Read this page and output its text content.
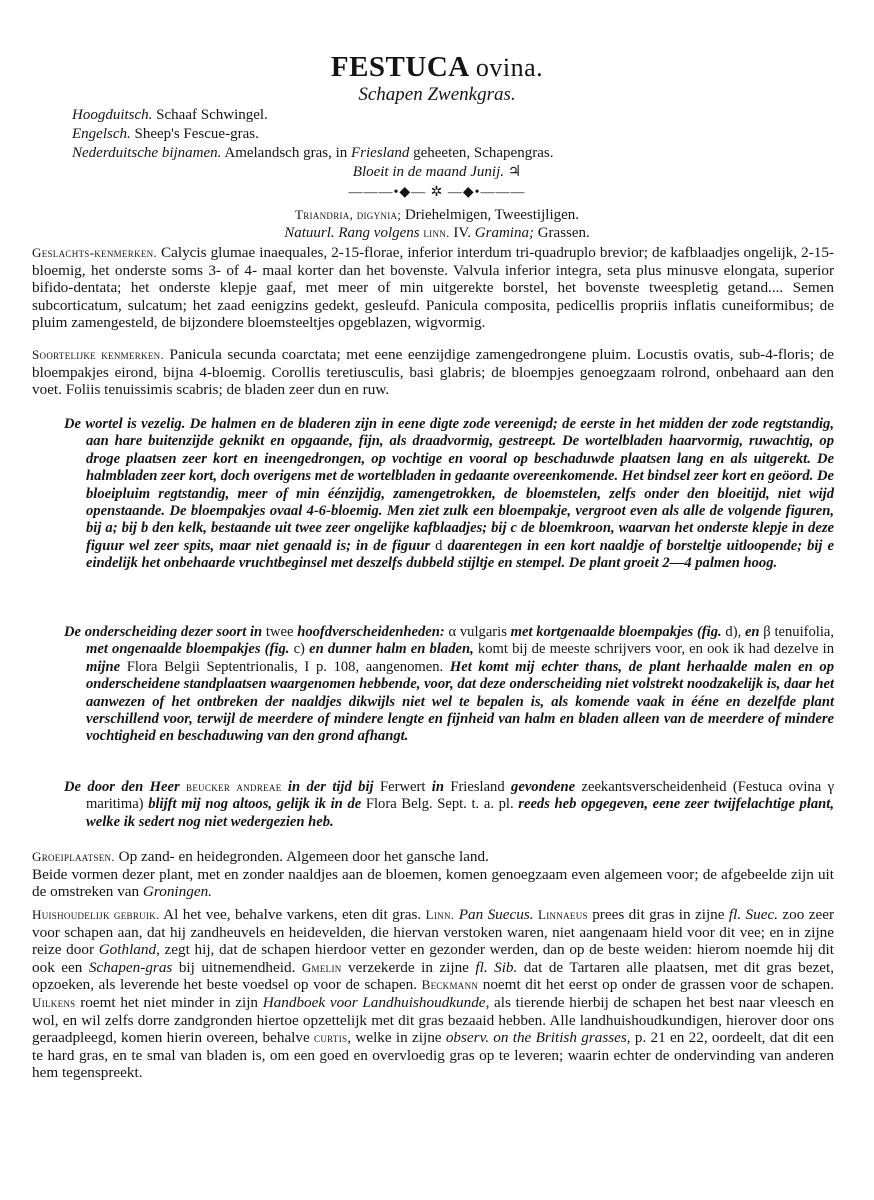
FESTUCA ovina.
Schapen Zwenkgras.
Hoogduitsch. Schaaf Schwingel.
Engelsch. Sheep's Fescue-gras.
Nederduitsche bijnamen. Amelandsch gras, in Friesland geheeten, Schapengras.
Bloeit in de maand Junij. ♃
———•◆— ✲ —◆•———
Triandria, digynia; Driehelmigen, Tweestijligen.
Natuurl. Rang volgens linn. IV. Gramina; Grassen.

Geslachts-kenmerken. Calycis glumae inaequales, 2-15-florae, inferior interdum tri-quadruplo brevior; de kafblaadjes ongelijk, 2-15-bloemig, het onderste soms 3- of 4- maal korter dan het bovenste. Valvula inferior integra, seta plus minusve elongata, superior bifido-dentata; het onderste klepje gaaf, met meer of min uitgerekte borstel, het bovenste tweespletig getand.... Semen subcorticatum, sulcatum; het zaad eenigzins gedekt, gesleufd. Panicula composita, pedicellis propriis inflatis cuneiformibus; de pluim zamengesteld, de bijzondere bloemsteeltjes opgeblazen, wigvormig.

Soortelijke kenmerken. Panicula secunda coarctata; met eene eenzijdige zamengedrongene pluim. Locustis ovatis, sub-4-floris; de bloempakjes eirond, bijna 4-bloemig. Corollis teretiusculis, basi glabris; de bloempjes genoegzaam rolrond, onbehaard aan den voet. Foliis tenuissimis scabris; de bladen zeer dun en ruw.

De wortel is vezelig. De halmen en de bladeren zijn in eene digte zode vereenigd; de eerste in het midden der zode regtstandig, aan hare buitenzijde geknikt en opgaande, fijn, als draadvormig, gestreept. De wortelbladen haarvormig, ruwachtig, op droge plaatsen zeer kort en ineengedrongen, op vochtige en vooral op beschaduwde plaatsen lang en als uitgerekt. De halmbladen zeer kort, doch overigens met de wortelbladen in gedaante overeenkomende. Het bindsel zeer kort en geöord. De bloeipluim regtstandig, meer of min éénzijdig, zamengetrokken, de bloemstelen, zelfs onder den bloeitijd, niet wijd openstaande. De bloempakjes ovaal 4-6-bloemig. Men ziet zulk een bloempakje, vergroot even als alle de volgende figuren, bij a; bij b den kelk, bestaande uit twee zeer ongelijke kafblaadjes; bij c de bloemkroon, waarvan het onderste klepje in deze figuur wel zeer spits, maar niet genaald is; in de figuur d daarentegen in een kort naaldje of borsteltje uitloopende; bij e eindelijk het onbehaarde vruchtbeginsel met deszelfs dubbeld stijltje en stempel. De plant groeit 2—4 palmen hoog.

De onderscheiding dezer soort in twee hoofdverscheidenheden: α vulgaris met kortgenaalde bloempakjes (fig. d), en β tenuifolia, met ongenaalde bloempakjes (fig. c) en dunner halm en bladen, komt bij de meeste schrijvers voor, en ook ik had dezelve in mijne Flora Belgii Septentrionalis, I p. 108, aangenomen. Het komt mij echter thans, de plant herhaalde malen en op onderscheidene standplaatsen waargenomen hebbende, voor, dat deze onderscheiding niet volstrekt noodzakelijk is, daar het aanwezen of het ontbreken der naaldjes dikwijls niet wel te bepalen is, als komende vaak in ééne en dezelfde plant verschillend voor, terwijl de meerdere of mindere lengte en fijnheid van halm en bladen alleen van de meerdere of mindere vochtigheid en beschaduwing van den grond afhangt.

De door den Heer beucker andreae in der tijd bij Ferwert in Friesland gevondene zeekantsverscheidenheid (Festuca ovina γ maritima) blijft mij nog altoos, gelijk ik in de Flora Belg. Sept. t. a. pl. reeds heb opgegeven, eene zeer twijfelachtige plant, welke ik sedert nog niet wedergezien heb.

Groeiplaatsen. Op zand- en heidegronden. Algemeen door het gansche land.

Beide vormen dezer plant, met en zonder naaldjes aan de bloemen, komen genoegzaam even algemeen voor; de afgebeelde zijn uit de omstreken van Groningen.

Huishoudelijk gebruik. Al het vee, behalve varkens, eten dit gras. Linn. Pan Suecus. Linnaeus prees dit gras in zijne fl. Suec. zoo zeer voor schapen aan, dat hij zandheuvels en heidevelden, die hiervan verstoken waren, niet aangenaam hield voor dit vee; en in zijne reize door Gothland, zegt hij, dat de schapen hierdoor vetter en gezonder werden, dan op de beste weiden: hierom noemde hij dit ook een Schapen-gras bij uitnemendheid. Gmelin verzekerde in zijne fl. Sib. dat de Tartaren alle plaatsen, met dit gras bezet, opzoeken, als leverende het beste voedsel op voor de schapen. Beckmann noemt dit het eerst op onder de grassen voor de schapen. Uilkens roemt het niet minder in zijn Handboek voor Landhuishoudkunde, als tierende hierbij de schapen het best naar vleesch en wol, en wil zelfs dorre zandgronden hiertoe opzettelijk met dit gras bezaaid hebben. Alle landhuishoudkundigen, hierover door ons geraadpleegd, komen hierin overeen, behalve curtis, welke in zijne observ. on the British grasses, p. 21 en 22, oordeelt, dat dit een te hard gras, en te smal van bladen is, om een goed en overvloedig gras op te leveren; waarin echter de ondervinding van anderen hem tegenspreekt.
